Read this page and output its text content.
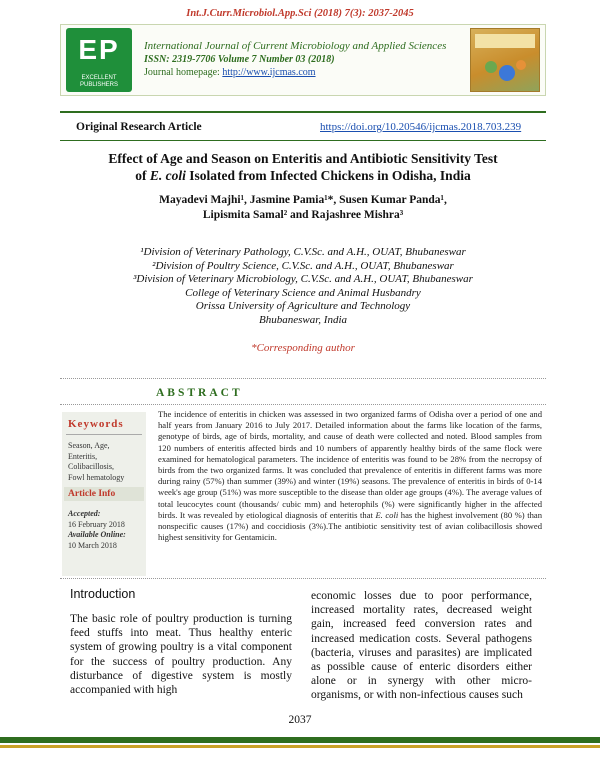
Int.J.Curr.Microbiol.App.Sci (2018) 7(3): 2037-2045
EP
EXCELLENT PUBLISHERS
International Journal of Current Microbiology and Applied Sciences
ISSN: 2319-7706 Volume 7 Number 03 (2018)
Journal homepage: http://www.ijcmas.com
Original Research Article	https://doi.org/10.20546/ijcmas.2018.703.239
Effect of Age and Season on Enteritis and Antibiotic Sensitivity Test
of E. coli Isolated from Infected Chickens in Odisha, India
Mayadevi Majhi¹, Jasmine Pamia¹*, Susen Kumar Panda¹,
Lipismita Samal² and Rajashree Mishra³
¹Division of Veterinary Pathology, C.V.Sc. and A.H., OUAT, Bhubaneswar
²Division of Poultry Science, C.V.Sc. and A.H., OUAT, Bhubaneswar
³Division of Veterinary Microbiology, C.V.Sc. and A.H., OUAT, Bhubaneswar
College of Veterinary Science and Animal Husbandry
Orissa University of Agriculture and Technology
Bhubaneswar, India
*Corresponding author
ABSTRACT
Keywords
Season, Age,
Enteritis,
Colibacillosis,
Fowl hematology
Article Info
Accepted:
16 February 2018
Available Online:
10 March 2018
The incidence of enteritis in chicken was assessed in two organized farms of Odisha over a period of one and half years from January 2016 to July 2017. Detailed information about the farms like location of the farms, genotype of birds, age of birds, mortality, and cause of death were collected and noted. Blood samples from 120 numbers of enteritis affected birds and 10 numbers of apparently healthy birds of the same flock were examined for hematological parameters. The incidence of enteritis was found to be 28% from the necropsy of birds from the two organized farms. It was concluded that prevalence of enteritis in different farms was more during rainy (57%) than summer (39%) and winter (19%) seasons. The prevalence of enteritis in birds of 0-14 week's age group (51%) was more susceptible to the disease than older age groups (4%). The average values of total leucocytes count (thousands/ cubic mm) and heterophils (%) were significantly higher in the affected birds. It was revealed by etiological diagnosis of enteritis that E. coli has the highest involvement (80 %) than nonspecific causes (17%) and coccidiosis (3%).The antibiotic sensitivity test of avian colibacillosis showed highest sensitivity for Gentamicin.
Introduction
The basic role of poultry production is turning feed stuffs into meat. Thus healthy enteric system of growing poultry is a vital component for the success of poultry production. Any disturbance of digestive system is mostly accompanied with high
economic losses due to poor performance, increased mortality rates, decreased weight gain, increased feed conversion rates and increased medication costs. Several pathogens (bacteria, viruses and parasites) are implicated as possible cause of enteric disorders either alone or in synergy with other micro-organisms, or with non-infectious causes such
2037
